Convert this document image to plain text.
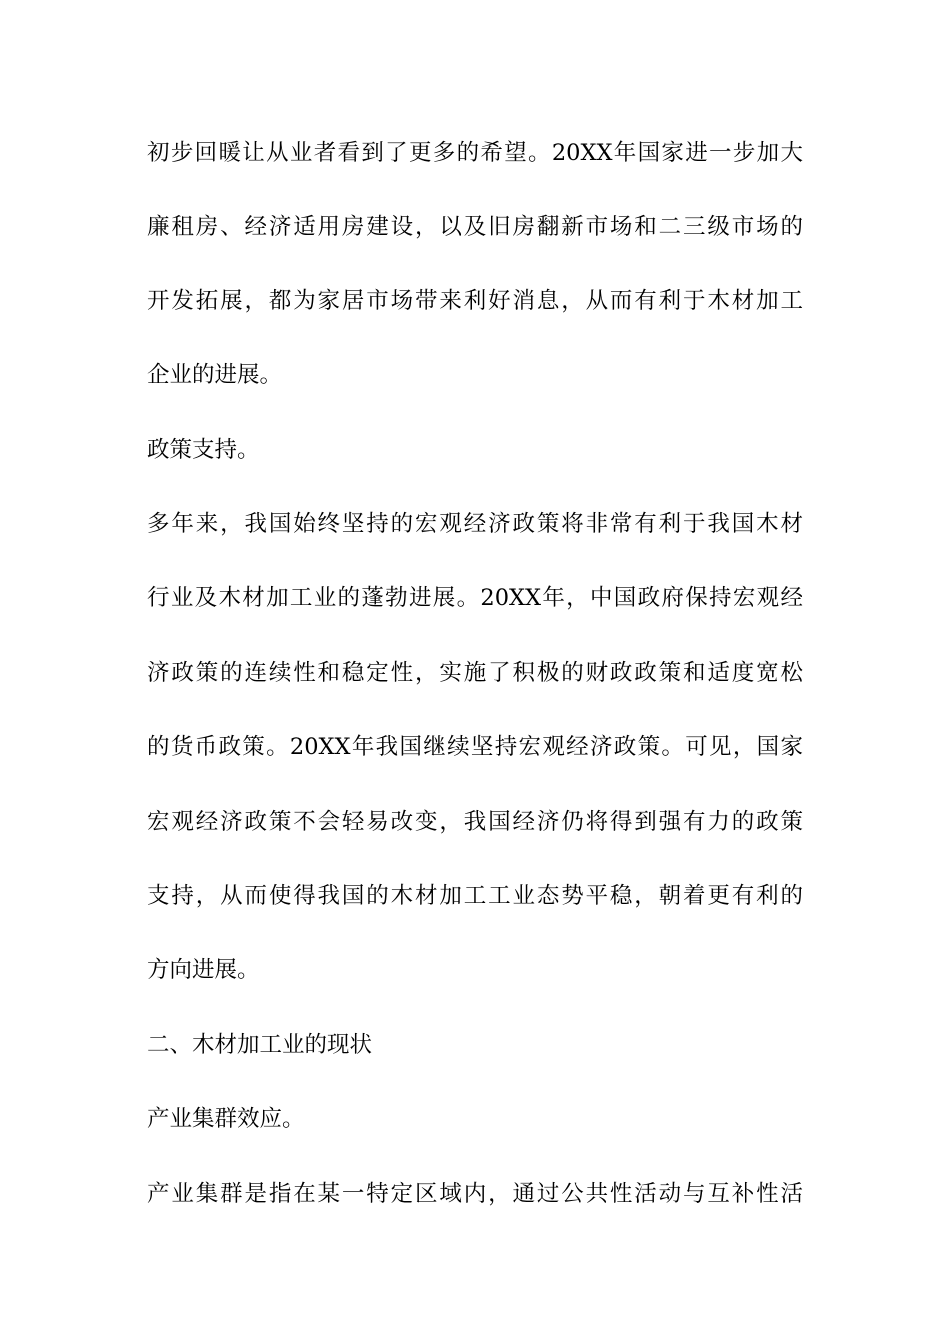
初步回暖让从业者看到了更多的希望。20XX年国家进一步加大

廉租房、经济适用房建设，以及旧房翻新市场和二三级市场的

开发拓展，都为家居市场带来利好消息，从而有利于木材加工

企业的进展。

政策支持。

多年来，我国始终坚持的宏观经济政策将非常有利于我国木材

行业及木材加工业的蓬勃进展。20XX年，中国政府保持宏观经

济政策的连续性和稳定性，实施了积极的财政政策和适度宽松

的货币政策。20XX年我国继续坚持宏观经济政策。可见，国家

宏观经济政策不会轻易改变，我国经济仍将得到强有力的政策

支持，从而使得我国的木材加工工业态势平稳，朝着更有利的

方向进展。

二、木材加工业的现状

产业集群效应。

产业集群是指在某一特定区域内，通过公共性活动与互补性活
